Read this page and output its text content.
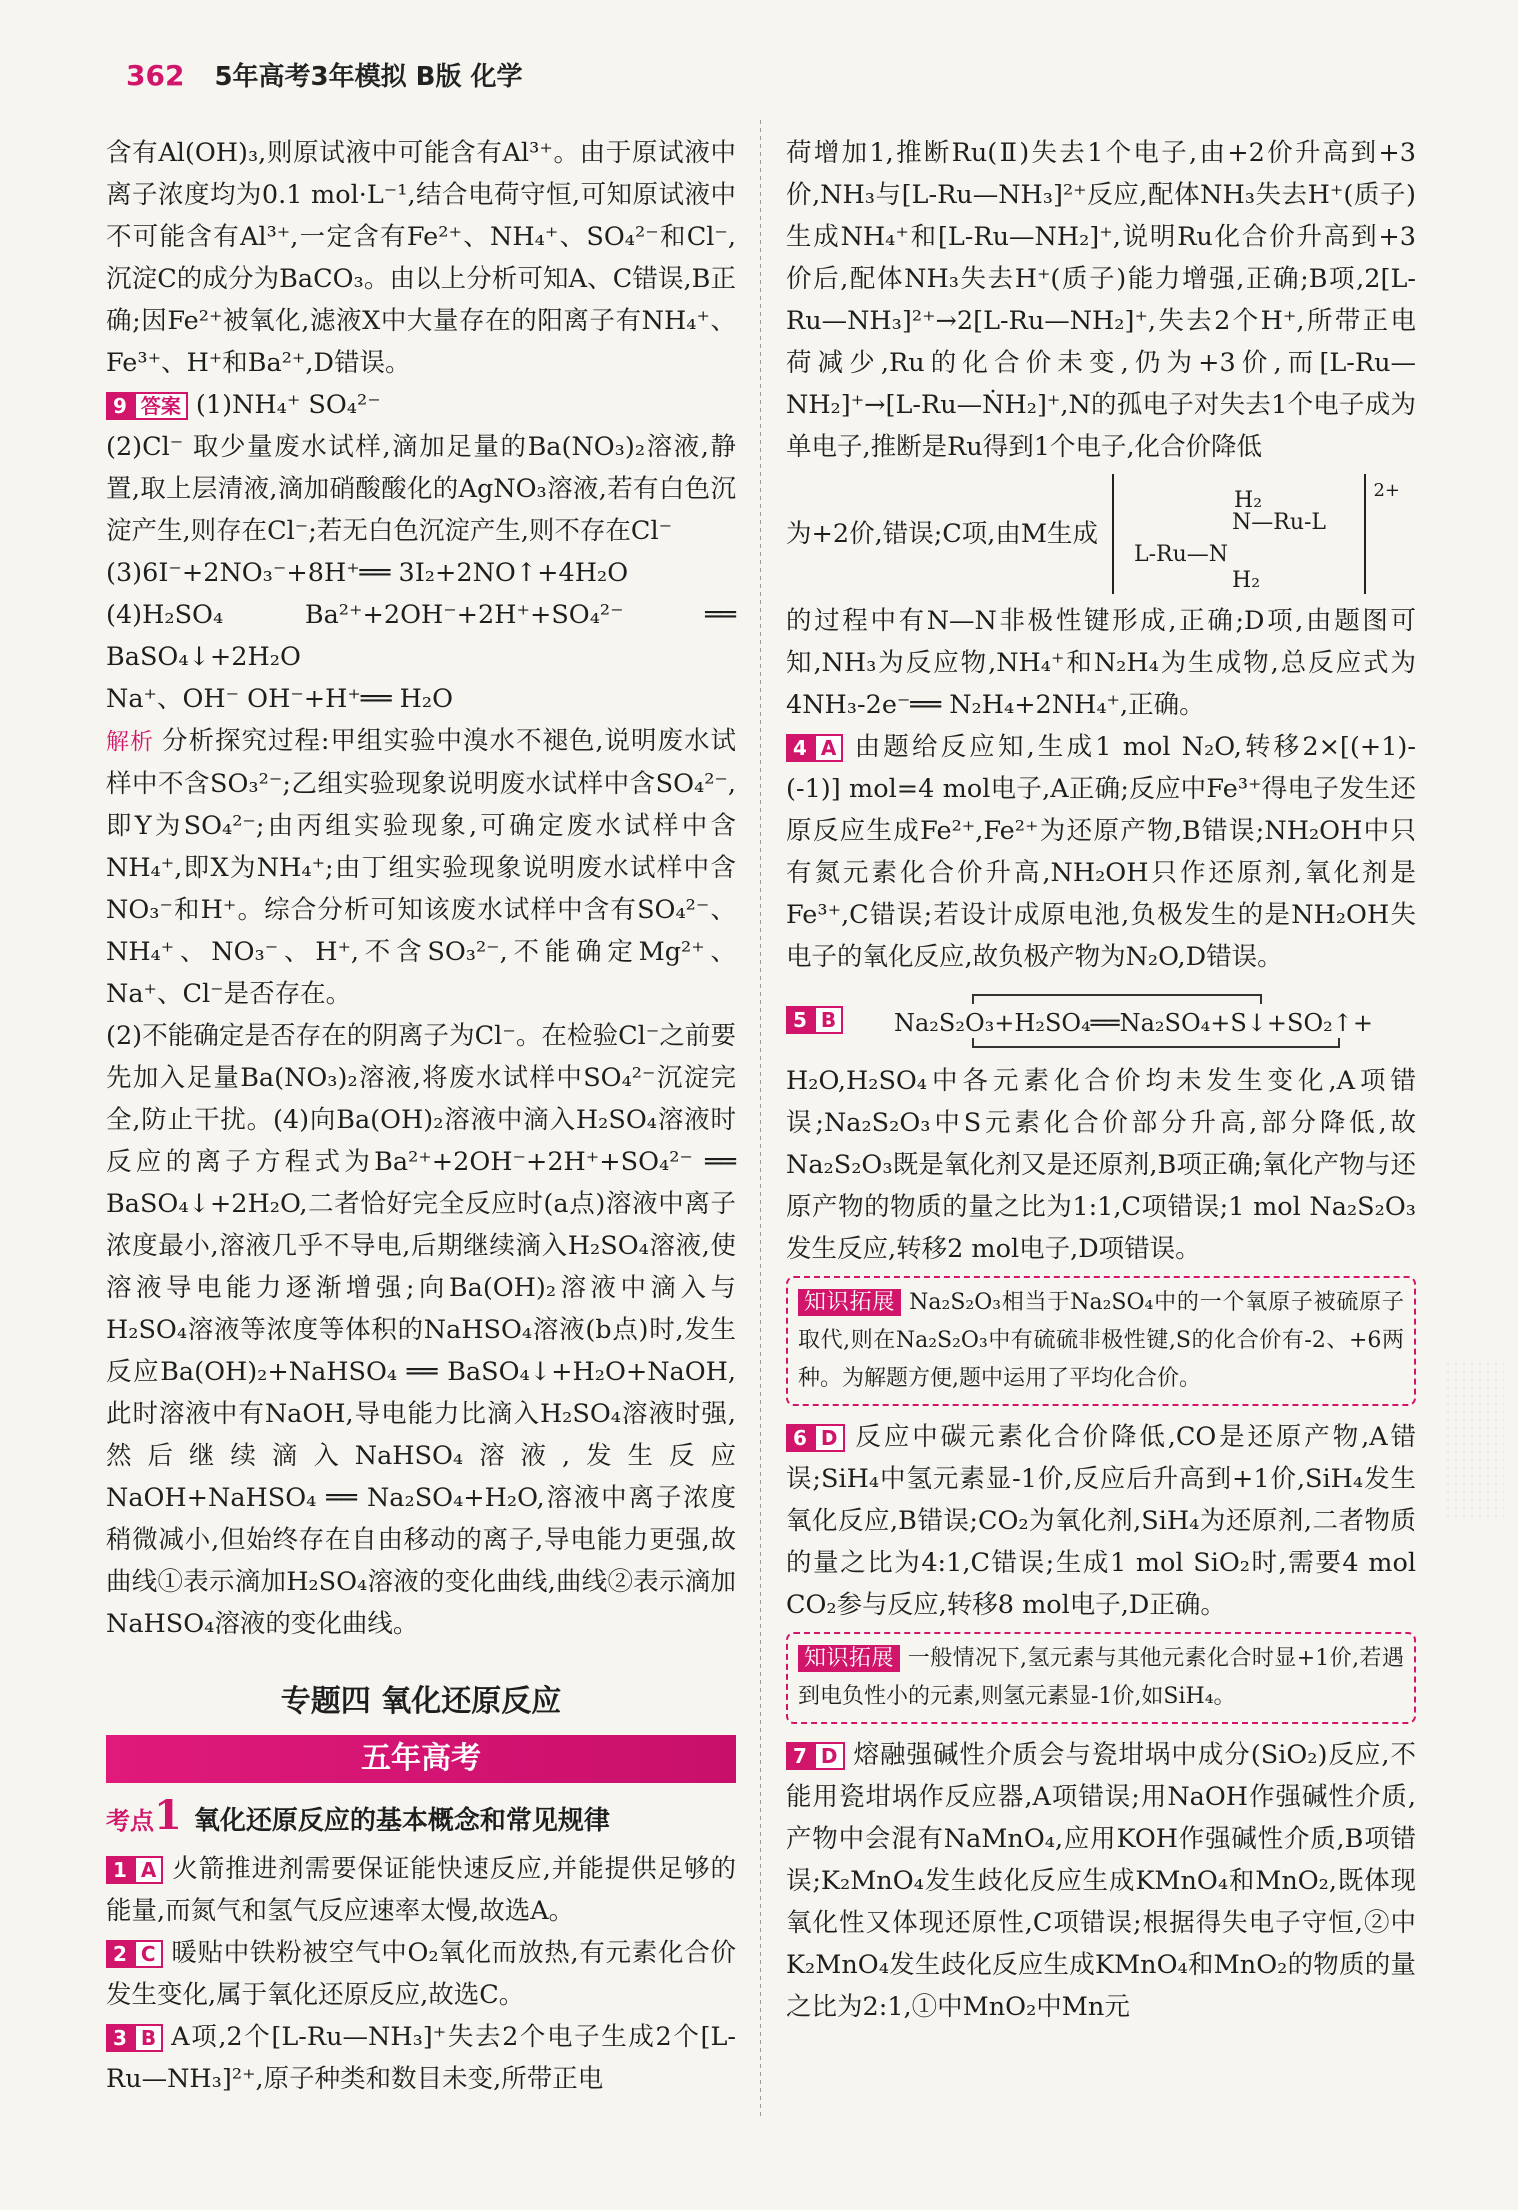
362 5年高考3年模拟 B版 化学

含有Al(OH)₃,则原试液中可能含有Al³⁺。由于原试液中离子浓度均为0.1 mol·L⁻¹,结合电荷守恒,可知原试液中不可能含有Al³⁺,一定含有Fe²⁺、NH₄⁺、SO₄²⁻和Cl⁻,沉淀C的成分为BaCO₃。由以上分析可知A、C错误,B正确;因Fe²⁺被氧化,滤液X中大量存在的阳离子有NH₄⁺、Fe³⁺、H⁺和Ba²⁺,D错误。

9 答案 (1)NH₄⁺ SO₄²⁻

(2)Cl⁻ 取少量废水试样,滴加足量的Ba(NO₃)₂溶液,静置,取上层清液,滴加硝酸酸化的AgNO₃溶液,若有白色沉淀产生,则存在Cl⁻;若无白色沉淀产生,则不存在Cl⁻

(3)6I⁻+2NO₃⁻+8H⁺══ 3I₂+2NO↑+4H₂O

(4)H₂SO₄ Ba²⁺+2OH⁻+2H⁺+SO₄²⁻ ══ BaSO₄↓+2H₂O

Na⁺、OH⁻ OH⁻+H⁺══ H₂O

解析 分析探究过程:甲组实验中溴水不褪色,说明废水试样中不含SO₃²⁻;乙组实验现象说明废水试样中含SO₄²⁻,即Y为SO₄²⁻;由丙组实验现象,可确定废水试样中含NH₄⁺,即X为NH₄⁺;由丁组实验现象说明废水试样中含NO₃⁻和H⁺。综合分析可知该废水试样中含有SO₄²⁻、NH₄⁺、NO₃⁻、H⁺,不含SO₃²⁻,不能确定Mg²⁺、Na⁺、Cl⁻是否存在。

(2)不能确定是否存在的阴离子为Cl⁻。在检验Cl⁻之前要先加入足量Ba(NO₃)₂溶液,将废水试样中SO₄²⁻沉淀完全,防止干扰。(4)向Ba(OH)₂溶液中滴入H₂SO₄溶液时反应的离子方程式为Ba²⁺+2OH⁻+2H⁺+SO₄²⁻ ══ BaSO₄↓+2H₂O,二者恰好完全反应时(a点)溶液中离子浓度最小,溶液几乎不导电,后期继续滴入H₂SO₄溶液,使溶液导电能力逐渐增强;向Ba(OH)₂溶液中滴入与H₂SO₄溶液等浓度等体积的NaHSO₄溶液(b点)时,发生反应Ba(OH)₂+NaHSO₄ ══ BaSO₄↓+H₂O+NaOH,此时溶液中有NaOH,导电能力比滴入H₂SO₄溶液时强,然后继续滴入NaHSO₄溶液,发生反应NaOH+NaHSO₄ ══ Na₂SO₄+H₂O,溶液中离子浓度稍微减小,但始终存在自由移动的离子,导电能力更强,故曲线①表示滴加H₂SO₄溶液的变化曲线,曲线②表示滴加NaHSO₄溶液的变化曲线。

专题四 氧化还原反应
五年高考
考点1 氧化还原反应的基本概念和常见规律

1 A 火箭推进剂需要保证能快速反应,并能提供足够的能量,而氮气和氢气反应速率太慢,故选A。

2 C 暖贴中铁粉被空气中O₂氧化而放热,有元素化合价发生变化,属于氧化还原反应,故选C。

3 B A项,2个[L-Ru—NH₃]⁺失去2个电子生成2个[L-Ru—NH₃]²⁺,原子种类和数目未变,所带正电

荷增加1,推断Ru(Ⅱ)失去1个电子,由+2价升高到+3价,NH₃与[L-Ru—NH₃]²⁺反应,配体NH₃失去H⁺(质子)生成NH₄⁺和[L-Ru—NH₂]⁺,说明Ru化合价升高到+3价后,配体NH₃失去H⁺(质子)能力增强,正确;B项,2[L-Ru—NH₃]²⁺→2[L-Ru—NH₂]⁺,失去2个H⁺,所带正电荷减少,Ru的化合价未变,仍为+3价,而[L-Ru—NH₂]⁺→[L-Ru—ṄH₂]⁺,N的孤电子对失去1个电子成为单电子,推断是Ru得到1个电子,化合价降低

为+2价,错误;C项,由M生成
2+
H₂
N—Ru-L
L-Ru—N
H₂

的过程中有N—N非极性键形成,正确;D项,由题图可知,NH₃为反应物,NH₄⁺和N₂H₄为生成物,总反应式为4NH₃-2e⁻══ N₂H₄+2NH₄⁺,正确。

4 A 由题给反应知,生成1 mol N₂O,转移2×[(+1)-(-1)] mol=4 mol电子,A正确;反应中Fe³⁺得电子发生还原反应生成Fe²⁺,Fe²⁺为还原产物,B错误;NH₂OH中只有氮元素化合价升高,NH₂OH只作还原剂,氧化剂是Fe³⁺,C错误;若设计成原电池,负极发生的是NH₂OH失电子的氧化反应,故负极产物为N₂O,D错误。

5 B Na₂S₂O₃+H₂SO₄══Na₂SO₄+S↓+SO₂↑+

H₂O,H₂SO₄中各元素化合价均未发生变化,A项错误;Na₂S₂O₃中S元素化合价部分升高,部分降低,故Na₂S₂O₃既是氧化剂又是还原剂,B项正确;氧化产物与还原产物的物质的量之比为1:1,C项错误;1 mol Na₂S₂O₃发生反应,转移2 mol电子,D项错误。

知识拓展 Na₂S₂O₃相当于Na₂SO₄中的一个氧原子被硫原子取代,则在Na₂S₂O₃中有硫硫非极性键,S的化合价有-2、+6两种。为解题方便,题中运用了平均化合价。

6 D 反应中碳元素化合价降低,CO是还原产物,A错误;SiH₄中氢元素显-1价,反应后升高到+1价,SiH₄发生氧化反应,B错误;CO₂为氧化剂,SiH₄为还原剂,二者物质的量之比为4:1,C错误;生成1 mol SiO₂时,需要4 mol CO₂参与反应,转移8 mol电子,D正确。

知识拓展 一般情况下,氢元素与其他元素化合时显+1价,若遇到电负性小的元素,则氢元素显-1价,如SiH₄。

7 D 熔融强碱性介质会与瓷坩埚中成分(SiO₂)反应,不能用瓷坩埚作反应器,A项错误;用NaOH作强碱性介质,产物中会混有NaMnO₄,应用KOH作强碱性介质,B项错误;K₂MnO₄发生歧化反应生成KMnO₄和MnO₂,既体现氧化性又体现还原性,C项错误;根据得失电子守恒,②中K₂MnO₄发生歧化反应生成KMnO₄和MnO₂的物质的量之比为2:1,①中MnO₂中Mn元
